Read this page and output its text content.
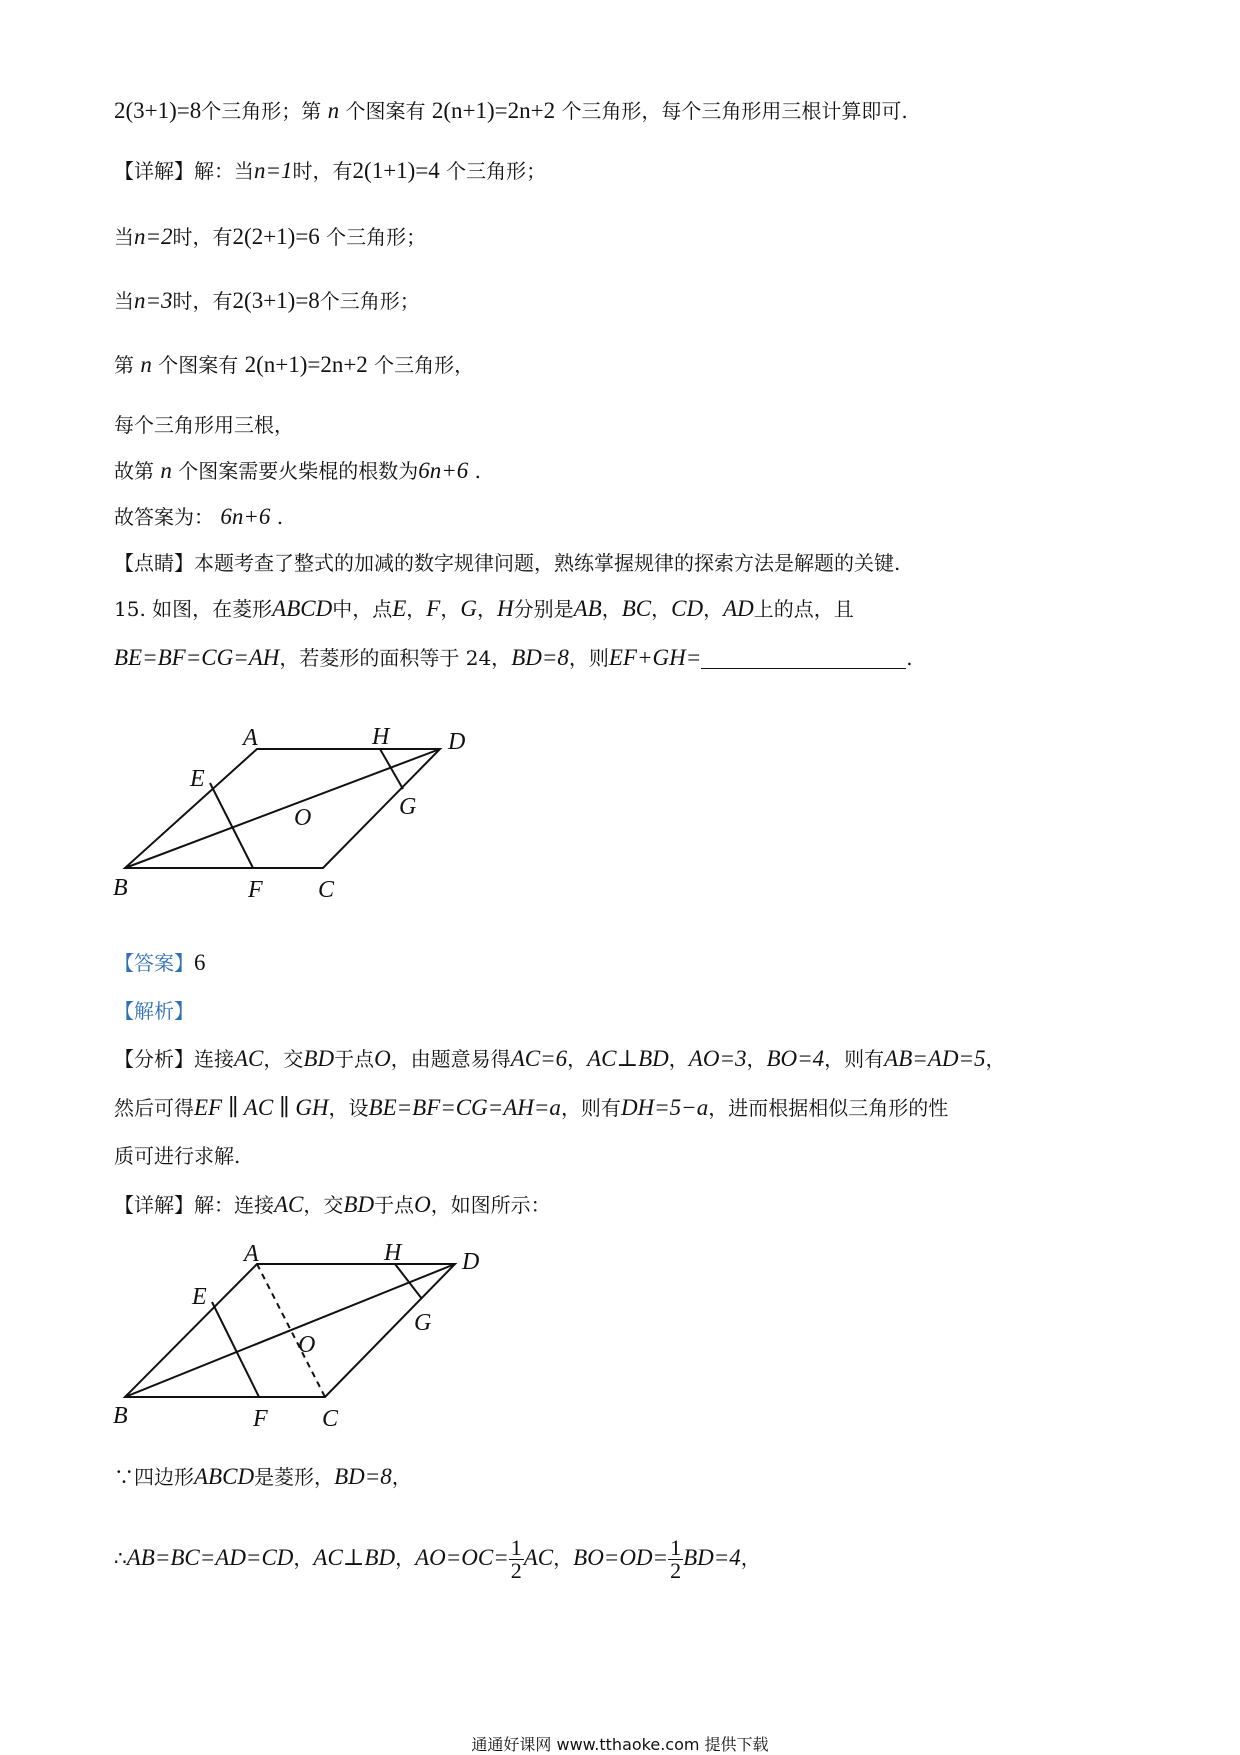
2(3+1)=8个三角形；第 n 个图案有 2(n+1)=2n+2 个三角形，每个三角形用三根计算即可.
【详解】解：当n=1时，有2(1+1)=4 个三角形；
当n=2时，有2(2+1)=6 个三角形；
当n=3时，有2(3+1)=8个三角形；
第 n 个图案有 2(n+1)=2n+2 个三角形，
每个三角形用三根，
故第 n 个图案需要火柴棍的根数为6n+6 .
故答案为： 6n+6 .
【点睛】本题考查了整式的加减的数字规律问题，熟练掌握规律的探索方法是解题的关键.
15. 如图，在菱形ABCD中，点E，F，G，H分别是AB，BC，CD，AD上的点，且
BE=BF=CG=AH，若菱形的面积等于 24，BD=8，则EF+GH=	.
A	H D
E
G
O
B	F C
【答案】6
【解析】
【分析】连接AC，交BD于点O，由题意易得AC=6，AC⊥BD，AO=3，BO=4，则有AB=AD=5，
然后可得EF ∥ AC ∥ GH，设BE=BF=CG=AH=a，则有DH=5−a，进而根据相似三角形的性
质可进行求解.
【详解】解：连接AC，交BD于点O，如图所示：
A	H	D
E
G
O
B	F C
∵四边形ABCD是菱形，BD=8，
∴AB=BC=AD=CD，AC⊥BD，$AO=OC= \frac{1}{2}$ AC，$BO=OD= \frac{1}{2} BD=4$，
通通好课网 www.tthaoke.com 提供下载
